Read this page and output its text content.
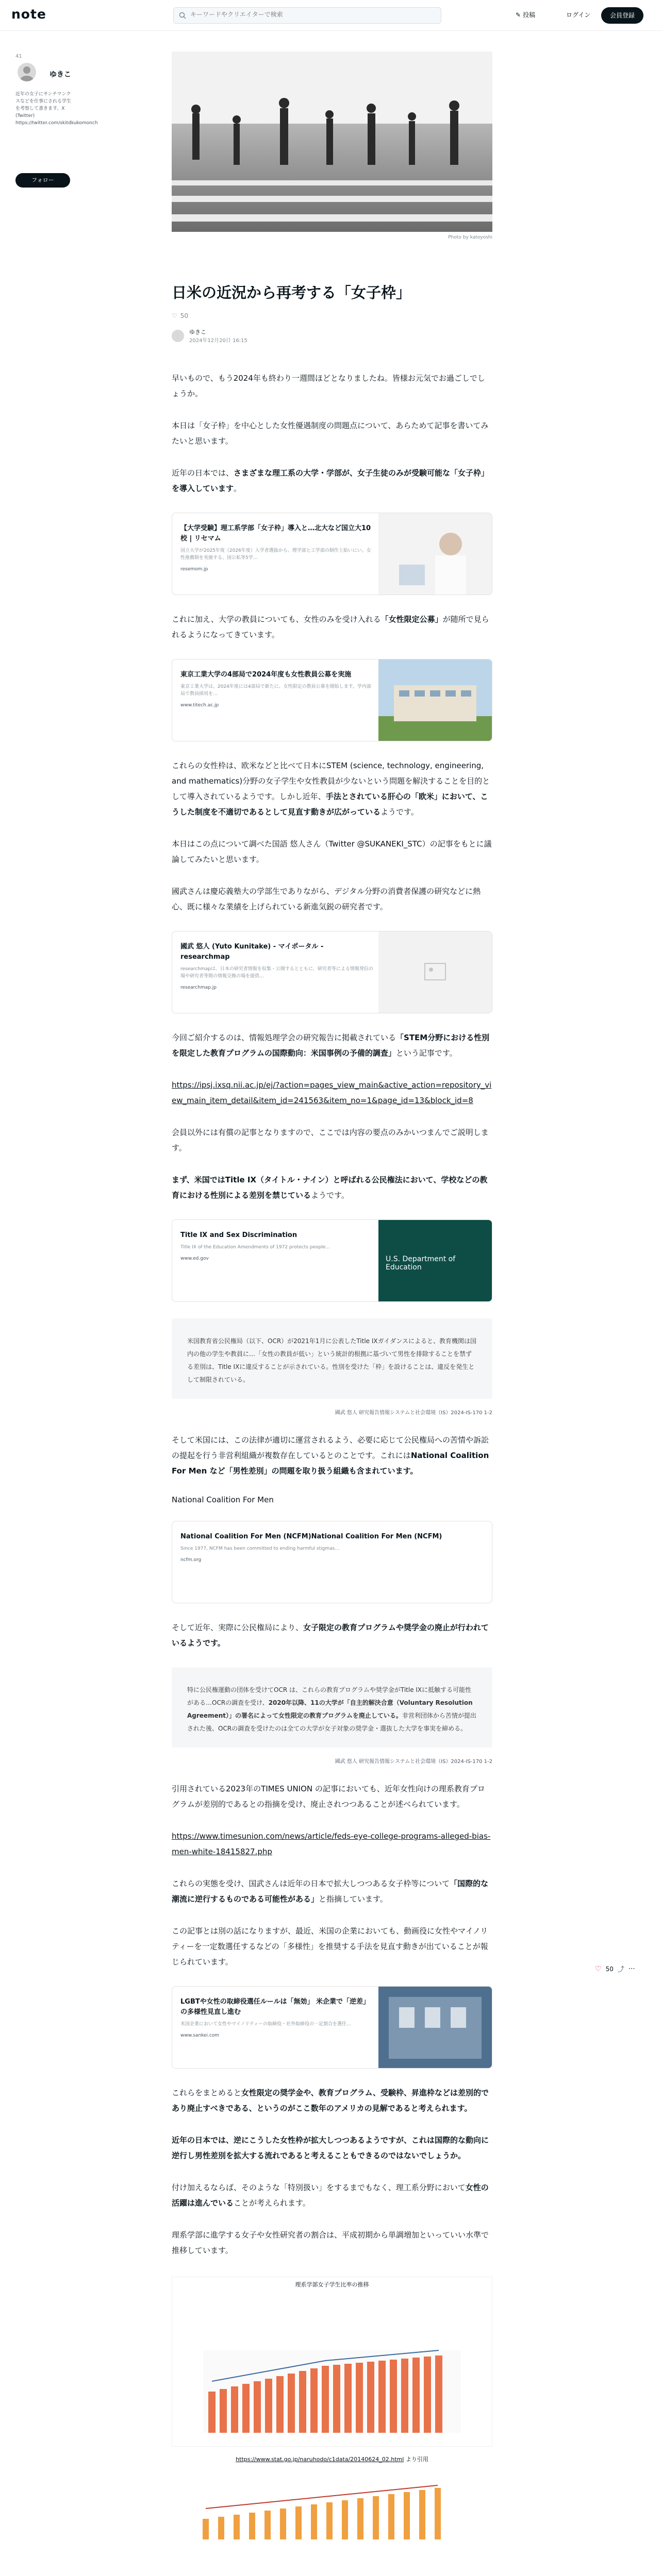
note
キーワードやクリエイターで検索	✎ 投稿	ログイン	会員登録
41
ゆきこ
近年の女子にサンチマンクスなどを仕事にされる学生を考察して書きます。X (Twitter) https://twitter.com/skitdkukomonch
フォロー
♡ 50 ⤴ ⋯
Photo by katoyoshi
日米の近況から再考する「女子枠」
♡ 50
ゆきこ
2024年12月20日 16:15

早いもので、もう2024年も終わり一週間ほどとなりましたね。皆様お元気でお過ごしでしょうか。

本日は「女子枠」を中心とした女性優遇制度の問題点について、あらためて記事を書いてみたいと思います。

近年の日本では、さまざまな理工系の大学・学部が、女子生徒のみが受験可能な「女子枠」を導入しています。

【大学受験】理工系学部「女子枠」導入と…北大など国立大10校 | リセマム
国立大学が2025年度（2026年度）入学者選抜から、理学部と工学部の制作上始いにい。女性推薦制を実施する。国公私等5学…
resemom.jp

これに加え、大学の教員についても、女性のみを受け入れる「女性限定公募」が随所で見られるようになってきています。

東京工業大学の4部局で2024年度も女性教員公募を実施
東京工業大学は、2024年度には4部局で新たに、女性限定の教員公募を開始します。学内部局で教員採用を…
www.titech.ac.jp

これらの女性枠は、欧米などと比べて日本にSTEM (science, technology, engineering, and mathematics)分野の女子学生や女性教員が少ないという問題を解決することを目的として導入されているようです。しかし近年、手法とされている肝心の「欧米」において、こうした制度を不適切であるとして見直す動きが広がっているようです。

本日はこの点について調べた国語 悠人さん（Twitter @SUKANEKI_STC）の記事をもとに議論してみたいと思います。

國武さんは慶応義塾大の学部生でありながら、デジタル分野の消費者保護の研究などに熱心、既に様々な業績を上げられている新進気鋭の研究者です。

國武 悠人 (Yuto Kunitake) - マイポータル - researchmap
researchmapは、日本の研究者情報を収集・公開するとともに、研究者等による情報発信の場や研究者等間の情報交換の場を提供…
researchmap.jp

今回ご紹介するのは、情報処理学会の研究報告に掲載されている「STEM分野における性別を限定した教育プログラムの国際動向：米国事例の予備的調査」という記事です。

https://ipsj.ixsq.nii.ac.jp/ej/?action=pages_view_main&active_action=repository_view_main_item_detail&item_id=241563&item_no=1&page_id=13&block_id=8

会員以外には有償の記事となりますので、ここでは内容の要点のみかいつまんでご説明します。

まず、米国ではTitle IX（タイトル・ナイン）と呼ばれる公民権法において、学校などの教育における性別による差別を禁じているようです。

Title IX and Sex Discrimination
Title IX of the Education Amendments of 1972 protects people…
www.ed.gov	U.S. Department of Education
米国教育省公民権局（以下、OCR）が2021年1月に公表したTitle IXガイダンスによると、教育機関は国内の他の学生や教員に…「女性の教員が低い」という統計的根拠に基づいて男性を排除することを禁ずる差別は、Title IXに違反することが示されている。性別を受けた「枠」を設けることは、違反を発生として制限されている。
國武 悠人 研究報告情報システムと社会環境（IS）2024-IS-170 1-2

そして米国には、この法律が適切に運営されるよう、必要に応じて公民権局への苦情や訴訟の提起を行う非営利組織が複数存在しているとのことです。これにはNational Coalition For Men など「男性差別」の問題を取り扱う組織も含まれています。

National Coalition For Men

National Coalition For Men (NCFM)National Coalition For Men (NCFM)
Since 1977, NCFM has been committed to ending harmful stigmas…
ncfm.org

そして近年、実際に公民権局により、女子限定の教育プログラムや奨学金の廃止が行われているようです。

特に公民権運動の団体を受けてOCR は、これらの教育プログラムや奨学金がTitle IXに抵触する可能性がある…OCRの調査を受け、2020年以降、11の大学が「自主的解決合意（Voluntary Resolution Agreement）」の署名によって女性限定の教育プログラムを廃止している。非営利団体から苦情が提出された後、OCRの調査を受けたのは全ての大学が女子対象の奨学金・選抜した大学を事実を締める。
國武 悠人 研究報告情報システムと社会環境（IS）2024-IS-170 1-2

引用されている2023年のTIMES UNION の記事においても、近年女性向けの理系教育プログラムが差別的であるとの指摘を受け、廃止されつつあることが述べられています。

https://www.timesunion.com/news/article/feds-eye-college-programs-alleged-bias-men-white-18415827.php

これらの実態を受け、国武さんは近年の日本で拡大しつつある女子枠等について「国際的な潮流に逆行するものである可能性がある」と指摘しています。

この記事とは別の話になりますが、最近、米国の企業においても、動画役に女性やマイノリティーを一定数選任するなどの「多様性」を推奨する手法を見直す動きが出ていることが報じられています。

LGBTや女性の取締役選任ルールは「無効」 米企業で「逆差」の多様性見直し進む
米国企業において女性やマイノリティーの取締役・社外取締役の一定割合を選任…
www.sankei.com

これらをまとめると女性限定の奨学金や、教育プログラム、受験枠、昇進枠などは差別的であり廃止すべきである、というのがここ数年のアメリカの見解であると考えられます。

近年の日本では、逆にこうした女性枠が拡大しつつあるようですが、これは国際的な動向に逆行し男性差別を拡大する流れであると考えることもできるのではないでしょうか。

付け加えるならば、そのような「特別扱い」をするまでもなく、理工系分野において女性の活躍は進んでいることが考えられます。

理系学部に進学する女子や女性研究者の割合は、平成初期から単調増加といっていい水準で推移しています。

理系学部女子学生比率の推移

https://www.stat.go.jp/naruhodo/c1data/20140624_02.html より引用
